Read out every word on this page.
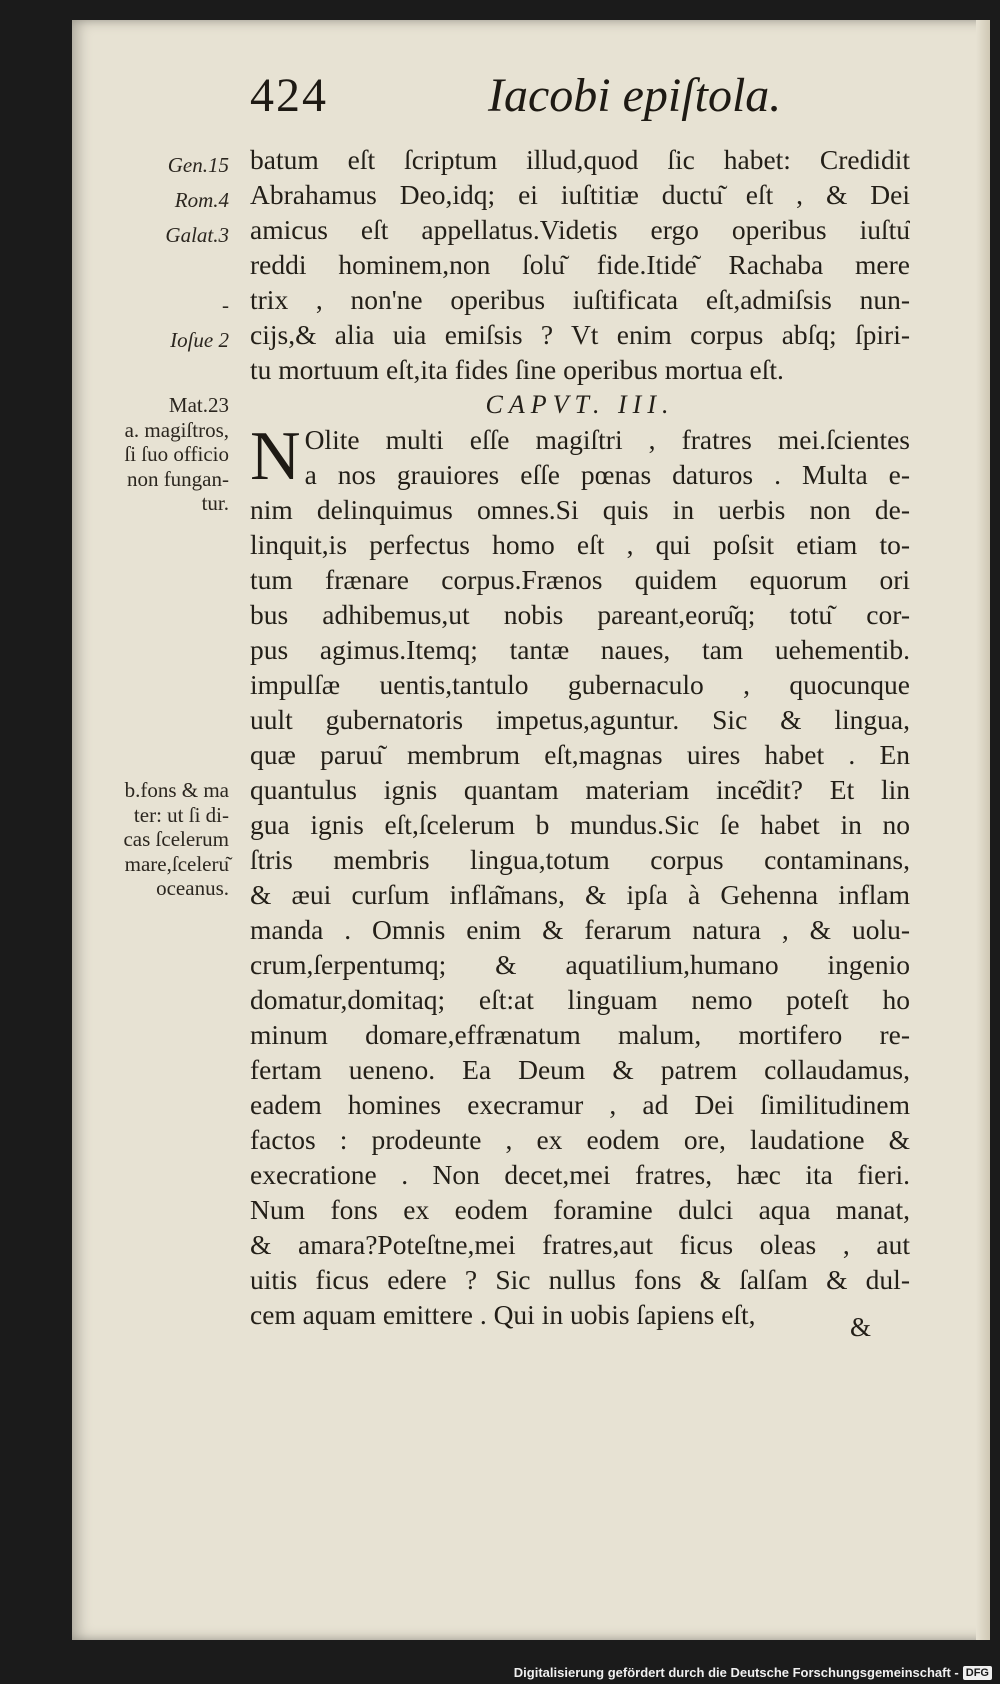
424	Iacobi epiſtola.
Gen.15
Rom.4
Galat.3
-
Ioſue 2
Mat.23
a. magiſtros,
ſi ſuo officio
non fungan-
tur.
b.fons & ma
ter: ut ſi di-
cas ſcelerum
mare,ſceleru͂
oceanus.
batum eſt ſcriptum illud,quod ſic habet: Credidit
Abrahamus Deo,idq; ei iuſtitiæ ductu͂ eſt , & Dei
amicus eſt appellatus.Videtis ergo operibus iuſtu͂
reddi hominem,non ſolu͂ fide.Itide͂ Rachaba mere
trix , non'ne operibus iuſtificata eſt,admiſsis nun-
cijs,& alia uia emiſsis ? Vt enim corpus abſq; ſpiri-
tu mortuum eſt,ita fides ſine operibus mortua eſt.
CAPVT. III.
N Olite multi eſſe magiſtri , fratres mei.ſcientes
a nos grauiores eſſe pœnas daturos . Multa e-
nim delinquimus omnes.Si quis in uerbis non de-
linquit,is perfectus homo eſt , qui poſsit etiam to-
tum frænare corpus.Frænos quidem equorum ori
bus adhibemus,ut nobis pareant,eoru͂q; totu͂ cor-
pus agimus.Itemq; tantæ naues, tam uehementib.
impulſæ uentis,tantulo gubernaculo , quocunque
uult gubernatoris impetus,aguntur. Sic & lingua,
quæ paruu͂ membrum eſt,magnas uires habet . En
quantulus ignis quantam materiam ince͂dit? Et lin
gua ignis eſt,ſcelerum b mundus.Sic ſe habet in no
ſtris membris lingua,totum corpus contaminans,
& æui curſum infla͂mans, & ipſa à Gehenna inflam
manda . Omnis enim & ferarum natura , & uolu-
crum,ſerpentumq; & aquatilium,humano ingenio
domatur,domitaq; eſt:at linguam nemo poteſt ho
minum domare,effrænatum malum, mortifero re-
fertam ueneno. Ea Deum & patrem collaudamus,
eadem homines execramur , ad Dei ſimilitudinem
factos : prodeunte , ex eodem ore, laudatione &
execratione . Non decet,mei fratres, hæc ita fieri.
Num fons ex eodem foramine dulci aqua manat,
& amara?Poteſtne,mei fratres,aut ficus oleas , aut
uitis ficus edere ? Sic nullus fons & ſalſam & dul-
cem aquam emittere . Qui in uobis ſapiens eſt,	&
Digitalisierung gefördert durch die Deutsche Forschungsgemeinschaft - DFG
